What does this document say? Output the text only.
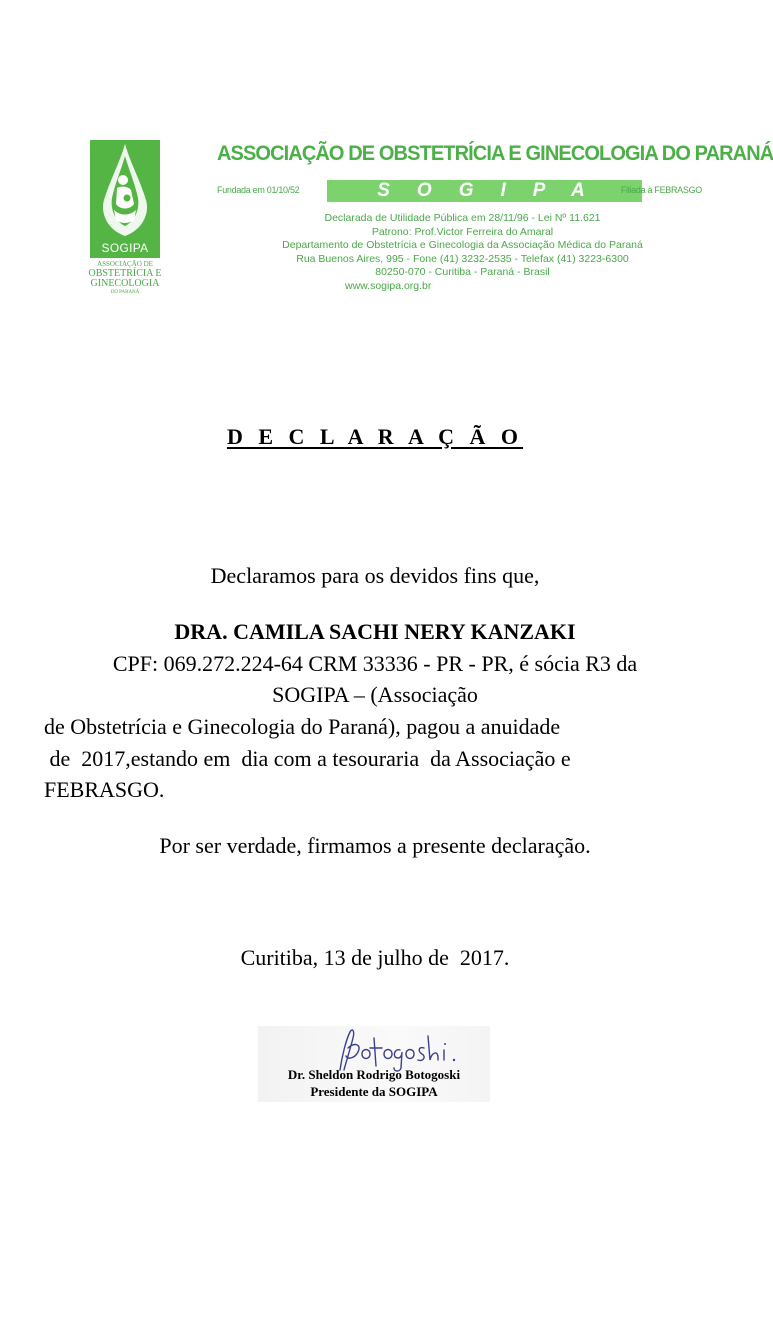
SOGIPA
ASSOCIAÇÃO DE
OBSTETRÍCIA E
GINECOLOGIA
DO PARANÁ
ASSOCIAÇÃO DE OBSTETRÍCIA E GINECOLOGIA DO PARANÁ
Fundada em 01/10/52	SOGIPA	Filiada à FEBRASGO
Declarada de Utilidade Pública em 28/11/96 - Lei Nº 11.621
Patrono: Prof.Victor Ferreira do Amaral
Departamento de Obstetrícia e Ginecologia da Associação Médica do Paraná
Rua Buenos Aires, 995 - Fone (41) 3232-2535 - Telefax (41) 3223-6300
80250-070 - Curitiba - Paraná - Brasil
www.sogipa.org.br
D E C L A R A Ç Ã O
Declaramos para os devidos fins que,
DRA. CAMILA SACHI NERY KANZAKI
CPF: 069.272.224-64 CRM 33336 - PR - PR, é sócia R3 da
SOGIPA – (Associação
de Obstetrícia e Ginecologia do Paraná), pagou a anuidade
de  2017,estando em  dia com a tesouraria  da Associação e
FEBRASGO.
Por ser verdade, firmamos a presente declaração.
Curitiba, 13 de julho de  2017.
Dr. Sheldon Rodrigo Botogoski
Presidente da SOGIPA
